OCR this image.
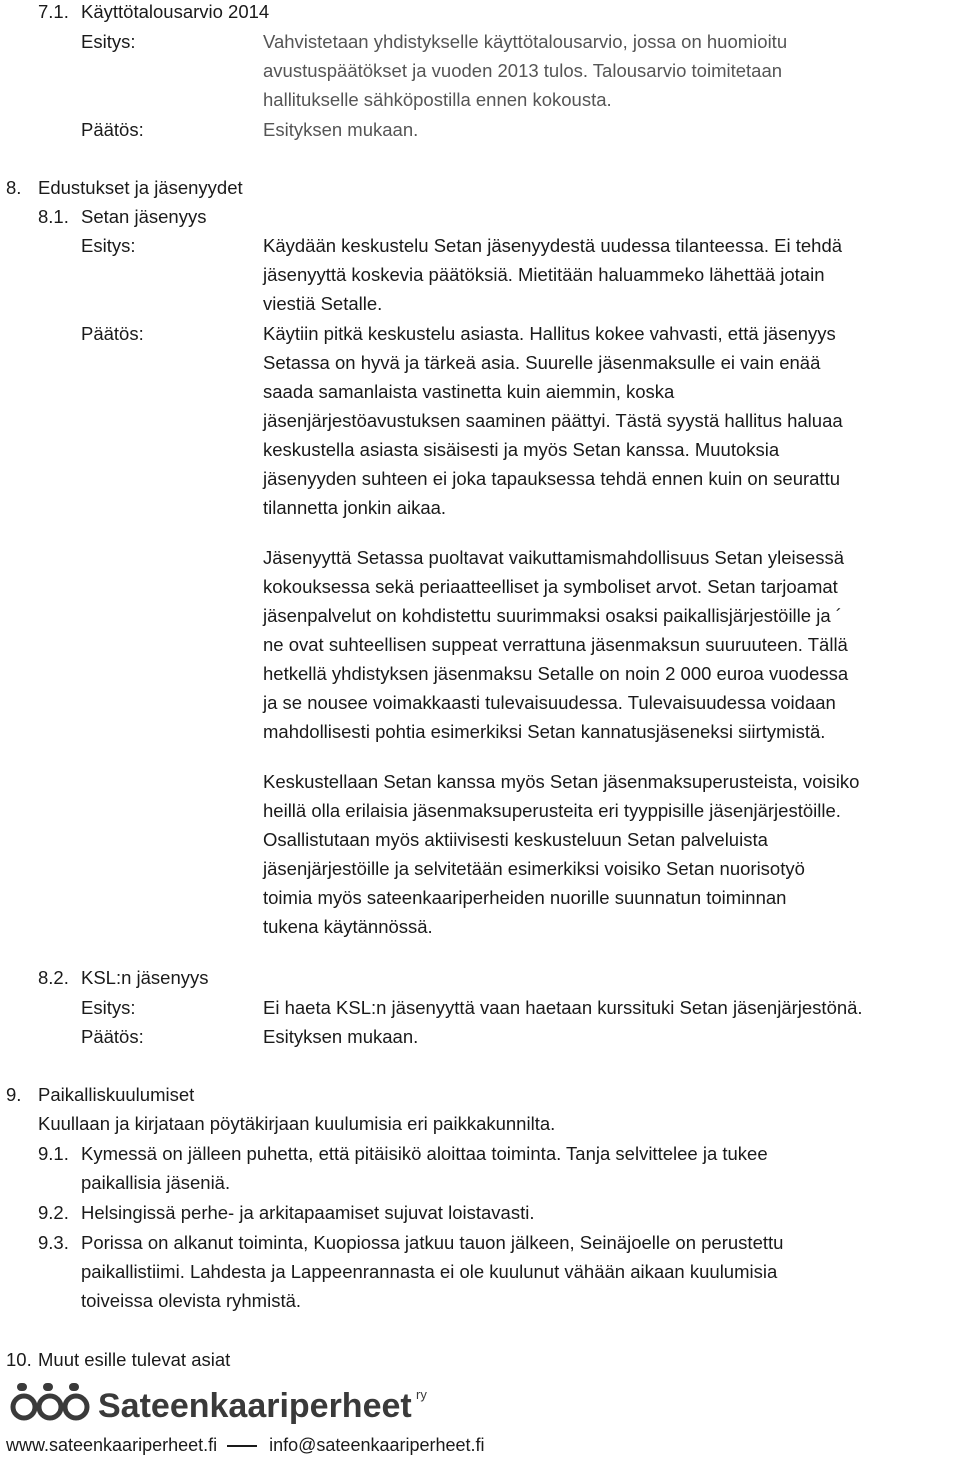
7.1. Käyttötalousarvio 2014
Esitys:	Vahvistetaan yhdistykselle käyttötalousarvio, jossa on huomioitu
avustuspäätökset ja vuoden 2013 tulos. Talousarvio toimitetaan
hallitukselle sähköpostilla ennen kokousta.
Päätös:	Esityksen mukaan.
8. Edustukset ja jäsenyydet
8.1. Setan jäsenyys
Esitys:	Käydään keskustelu Setan jäsenyydestä uudessa tilanteessa. Ei tehdä
jäsenyyttä koskevia päätöksiä. Mietitään haluammeko lähettää jotain
viestiä Setalle.
Päätös:	Käytiin pitkä keskustelu asiasta. Hallitus kokee vahvasti, että jäsenyys
Setassa on hyvä ja tärkeä asia. Suurelle jäsenmaksulle ei vain enää
saada samanlaista vastinetta kuin aiemmin, koska
jäsenjärjestöavustuksen saaminen päättyi. Tästä syystä hallitus haluaa
keskustella asiasta sisäisesti ja myös Setan kanssa. Muutoksia
jäsenyyden suhteen ei joka tapauksessa tehdä ennen kuin on seurattu
tilannetta jonkin aikaa.
Jäsenyyttä Setassa puoltavat vaikuttamismahdollisuus Setan yleisessä
kokouksessa sekä periaatteelliset ja symboliset arvot. Setan tarjoamat
jäsenpalvelut on kohdistettu suurimmaksi osaksi paikallisjärjestöille ja ´
ne ovat suhteellisen suppeat verrattuna jäsenmaksun suuruuteen. Tällä
hetkellä yhdistyksen jäsenmaksu Setalle on noin 2 000 euroa vuodessa
ja se nousee voimakkaasti tulevaisuudessa. Tulevaisuudessa voidaan
mahdollisesti pohtia esimerkiksi Setan kannatusjäseneksi siirtymistä.
Keskustellaan Setan kanssa myös Setan jäsenmaksuperusteista, voisiko
heillä olla erilaisia jäsenmaksuperusteita eri tyyppisille jäsenjärjestöille.
Osallistutaan myös aktiivisesti keskusteluun Setan palveluista
jäsenjärjestöille ja selvitetään esimerkiksi voisiko Setan nuorisotyö
toimia myös sateenkaariperheiden nuorille suunnatun toiminnan
tukena käytännössä.
8.2. KSL:n jäsenyys
Esitys:	Ei haeta KSL:n jäsenyyttä vaan haetaan kurssituki Setan jäsenjärjestönä.
Päätös:	Esityksen mukaan.
9. Paikalliskuulumiset
Kuullaan ja kirjataan pöytäkirjaan kuulumisia eri paikkakunnilta.
9.1. Kymessä on jälleen puhetta, että pitäisikö aloittaa toiminta. Tanja selvittelee ja tukee
paikallisia jäseniä.
9.2. Helsingissä perhe- ja arkitapaamiset sujuvat loistavasti.
9.3. Porissa on alkanut toiminta, Kuopiossa jatkuu tauon jälkeen, Seinäjoelle on perustettu
paikallistiimi. Lahdesta ja Lappeenrannasta ei ole kuulunut vähään aikaan kuulumisia
toiveissa olevista ryhmistä.
10. Muut esille tulevat asiat
Sateenkaariperheet ry
www.sateenkaariperheet.fi	info@sateenkaariperheet.fi
